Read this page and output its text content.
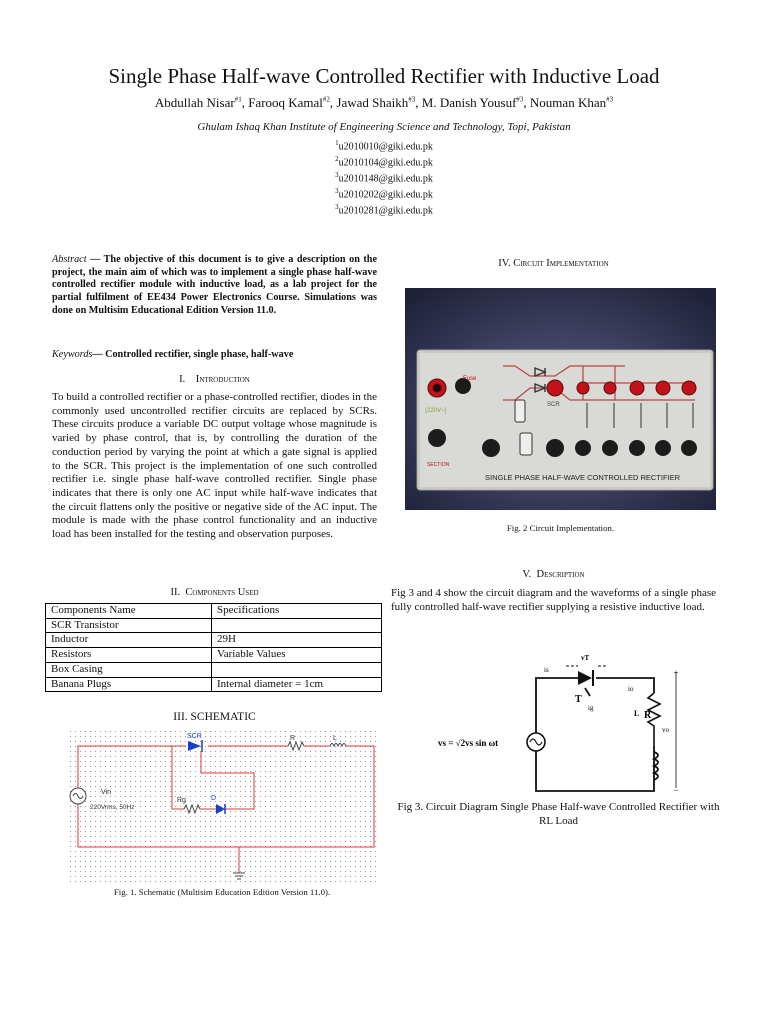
Single Phase Half-wave Controlled Rectifier with Inductive Load
Abdullah Nisar$^{\#1}$, Farooq Kamal$^{\#2}$, Jawad Shaikh$^{\#3}$, M. Danish Yousuf$^{\#3}$, Nouman Khan$^{\#3}$
Ghulam Ishaq Khan Institute of Engineering Science and Technology, Topi, Pakistan
$^1$u2010010@giki.edu.pk
$^2$u2010104@giki.edu.pk
$^3$u2010148@giki.edu.pk
$^3$u2010202@giki.edu.pk
$^3$u2010281@giki.edu.pk
Abstract — The objective of this document is to give a description on the project, the main aim of which was to implement a single phase half-wave controlled rectifier module with inductive load, as a lab project for the partial fulfilment of EE434 Power Electronics Course. Simulations was done on Multisim Educational Edition Version 11.0.
Keywords— Controlled rectifier, single phase, half-wave
I. Introduction
To build a controlled rectifier or a phase-controlled rectifier, diodes in the commonly used uncontrolled rectifier circuits are replaced by SCRs. These circuits produce a variable DC output voltage whose magnitude is varied by phase control, that is, by controlling the duration of the conduction period by varying the point at which a gate signal is applied to the SCR. This project is the implementation of one such controlled rectifier i.e. single phase half-wave controlled rectifier. Single phase indicates that there is only one AC input while half-wave indicates that the circuit flattens only the positive or negative side of the AC input. The module is made with the phase control functionality and an inductive load has been installed for the testing and observation purposes.
II. Components Used
Components Name	Specifications
SCR Transistor	
Inductor	29H
Resistors	Variable Values
Box Casing	
Banana Plugs	Internal diameter = 1cm
III. SCHEMATIC
SCR	R	L
Vin
220Vrms, 50Hz
Rg	D
Fig. 1. Schematic (Multisim Education Edition Version 11.0).
IV. Circuit Implementation
Fuse
SCR
(220V~)
SECTION
SINGLE PHASE HALF-WAVE CONTROLLED RECTIFIER
Fig. 2 Circuit Implementation.
V. Description
Fig 3 and 4 show the circuit diagram and the waveforms of a single phase fully controlled half-wave rectifier supplying a resistive inductive load.
+
−
vs = √2vs sin ωt
T
R
L
ig
is
io
vT
vo
Fig 3. Circuit Diagram Single Phase Half-wave Controlled Rectifier with RL Load
